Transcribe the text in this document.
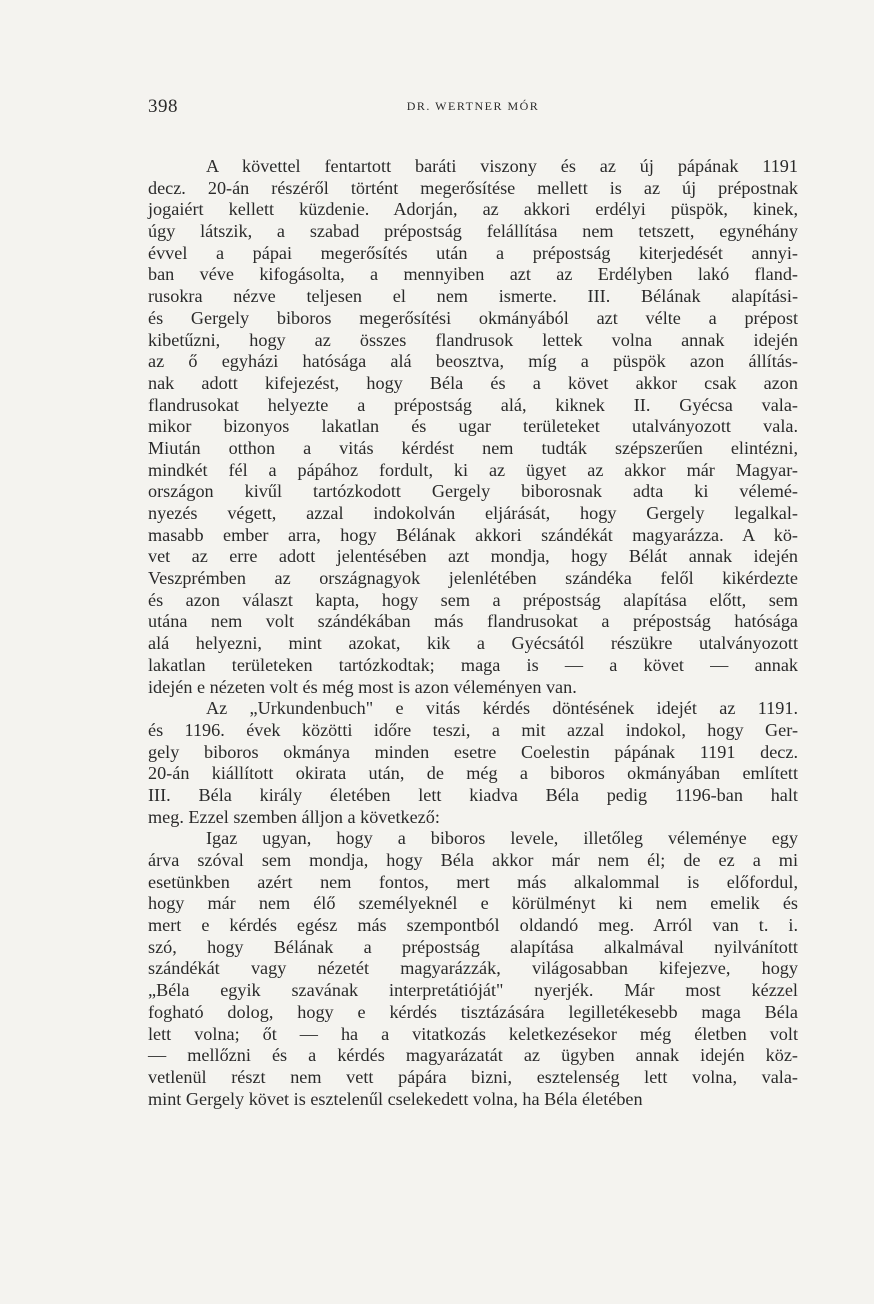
398	DR. WERTNER MÓR
A követtel fentartott baráti viszony és az új pápának 1191
decz. 20-án részéről történt megerősítése mellett is az új prépostnak
jogaiért kellett küzdenie. Adorján, az akkori erdélyi püspök, kinek,
úgy látszik, a szabad prépostság felállítása nem tetszett, egynéhány
évvel a pápai megerősítés után a prépostság kiterjedését annyi-
ban véve kifogásolta, a mennyiben azt az Erdélyben lakó fland-
rusokra nézve teljesen el nem ismerte. III. Bélának alapítási-
és Gergely biboros megerősítési okmányából azt vélte a prépost
kibetűzni, hogy az összes flandrusok lettek volna annak idején
az ő egyházi hatósága alá beosztva, míg a püspök azon állítás-
nak adott kifejezést, hogy Béla és a követ akkor csak azon
flandrusokat helyezte a prépostság alá, kiknek II. Gyécsa vala-
mikor bizonyos lakatlan és ugar területeket utalványozott vala.
Miután otthon a vitás kérdést nem tudták szépszerűen elintézni,
mindkét fél a pápához fordult, ki az ügyet az akkor már Magyar-
országon kivűl tartózkodott Gergely biborosnak adta ki vélemé-
nyezés végett, azzal indokolván eljárását, hogy Gergely legalkal-
masabb ember arra, hogy Bélának akkori szándékát magyarázza. A kö-
vet az erre adott jelentésében azt mondja, hogy Bélát annak idején
Veszprémben az országnagyok jelenlétében szándéka felől kikérdezte
és azon választ kapta, hogy sem a prépostság alapítása előtt, sem
utána nem volt szándékában más flandrusokat a prépostság hatósága
alá helyezni, mint azokat, kik a Gyécsától részükre utalványozott
lakatlan területeken tartózkodtak; maga is — a követ — annak
idején e nézeten volt és még most is azon véleményen van.
Az „Urkundenbuch" e vitás kérdés döntésének idejét az 1191.
és 1196. évek közötti időre teszi, a mit azzal indokol, hogy Ger-
gely biboros okmánya minden esetre Coelestin pápának 1191 decz.
20-án kiállított okirata után, de még a biboros okmányában említett
III. Béla király életében lett kiadva Béla pedig 1196-ban halt
meg. Ezzel szemben álljon a következő:
Igaz ugyan, hogy a biboros levele, illetőleg véleménye egy
árva szóval sem mondja, hogy Béla akkor már nem él; de ez a mi
esetünkben azért nem fontos, mert más alkalommal is előfordul,
hogy már nem élő személyeknél e körülményt ki nem emelik és
mert e kérdés egész más szempontból oldandó meg. Arról van t. i.
szó, hogy Bélának a prépostság alapítása alkalmával nyilvánított
szándékát vagy nézetét magyarázzák, világosabban kifejezve, hogy
„Béla egyik szavának interpretátióját" nyerjék. Már most kézzel
fogható dolog, hogy e kérdés tisztázására legilletékesebb maga Béla
lett volna; őt — ha a vitatkozás keletkezésekor még életben volt
— mellőzni és a kérdés magyarázatát az ügyben annak idején köz-
vetlenül részt nem vett pápára bizni, esztelenség lett volna, vala-
mint Gergely követ is esztelenűl cselekedett volna, ha Béla életében
